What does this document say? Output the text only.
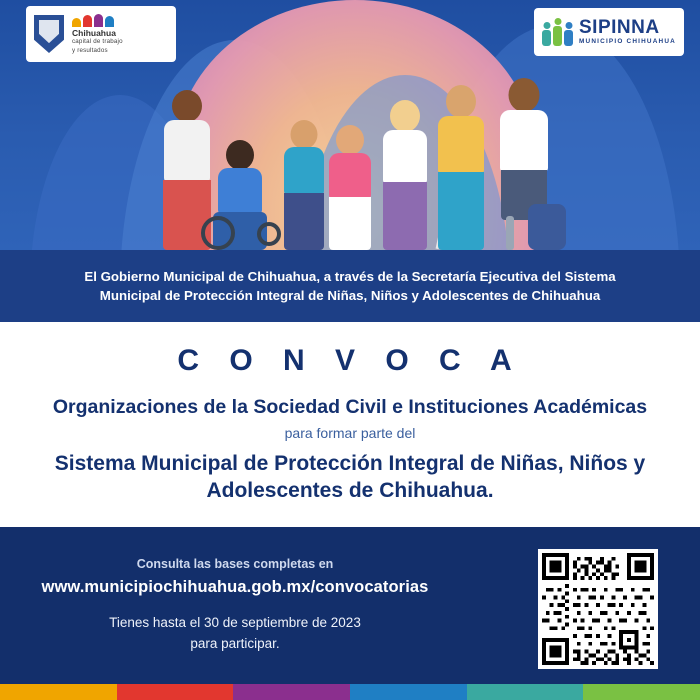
Chihuahua
capital de trabajo
y resultados
SIPINNA
MUNICIPIO CHIHUAHUA
El Gobierno Municipal de Chihuahua, a través de la Secretaría Ejecutiva del Sistema
Municipal de Protección Integral de Niñas, Niños y Adolescentes de Chihuahua
C O N V O C A
Organizaciones de la Sociedad Civil e Instituciones Académicas
para formar parte del
Sistema Municipal de Protección Integral de Niñas, Niños y Adolescentes de Chihuahua.
Consulta las bases completas en
www.municipiochihuahua.gob.mx/convocatorias
Tienes hasta el 30 de septiembre de 2023
para participar.
